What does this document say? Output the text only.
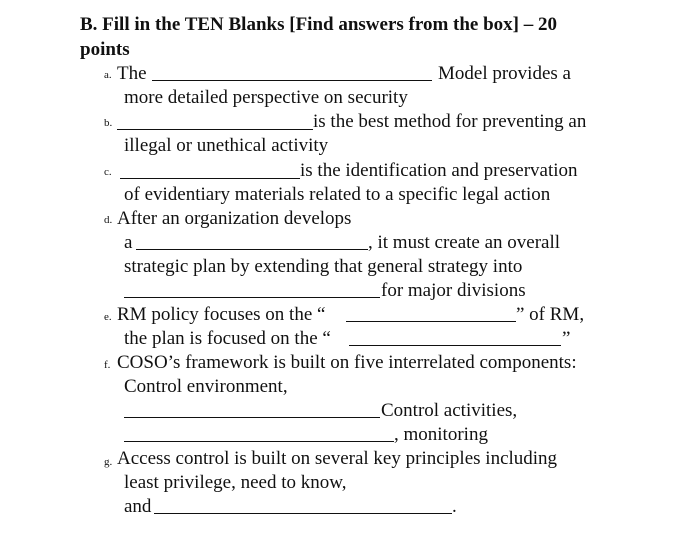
B. Fill in the TEN Blanks [Find answers from the box] – 20
points
a. The	Model provides a
more detailed perspective on security
b.	is the best method for preventing an
illegal or unethical activity
c.	is the identification and preservation
of evidentiary materials related to a specific legal action
d. After an organization develops
a	, it must create an overall
strategic plan by extending that general strategy into
for major divisions
e. RM policy focuses on the “	” of RM,
the plan is focused on the “	”
f. COSO’s framework is built on five interrelated components:
Control environment,
Control activities,
, monitoring
g. Access control is built on several key principles including
least privilege, need to know,
and	.
